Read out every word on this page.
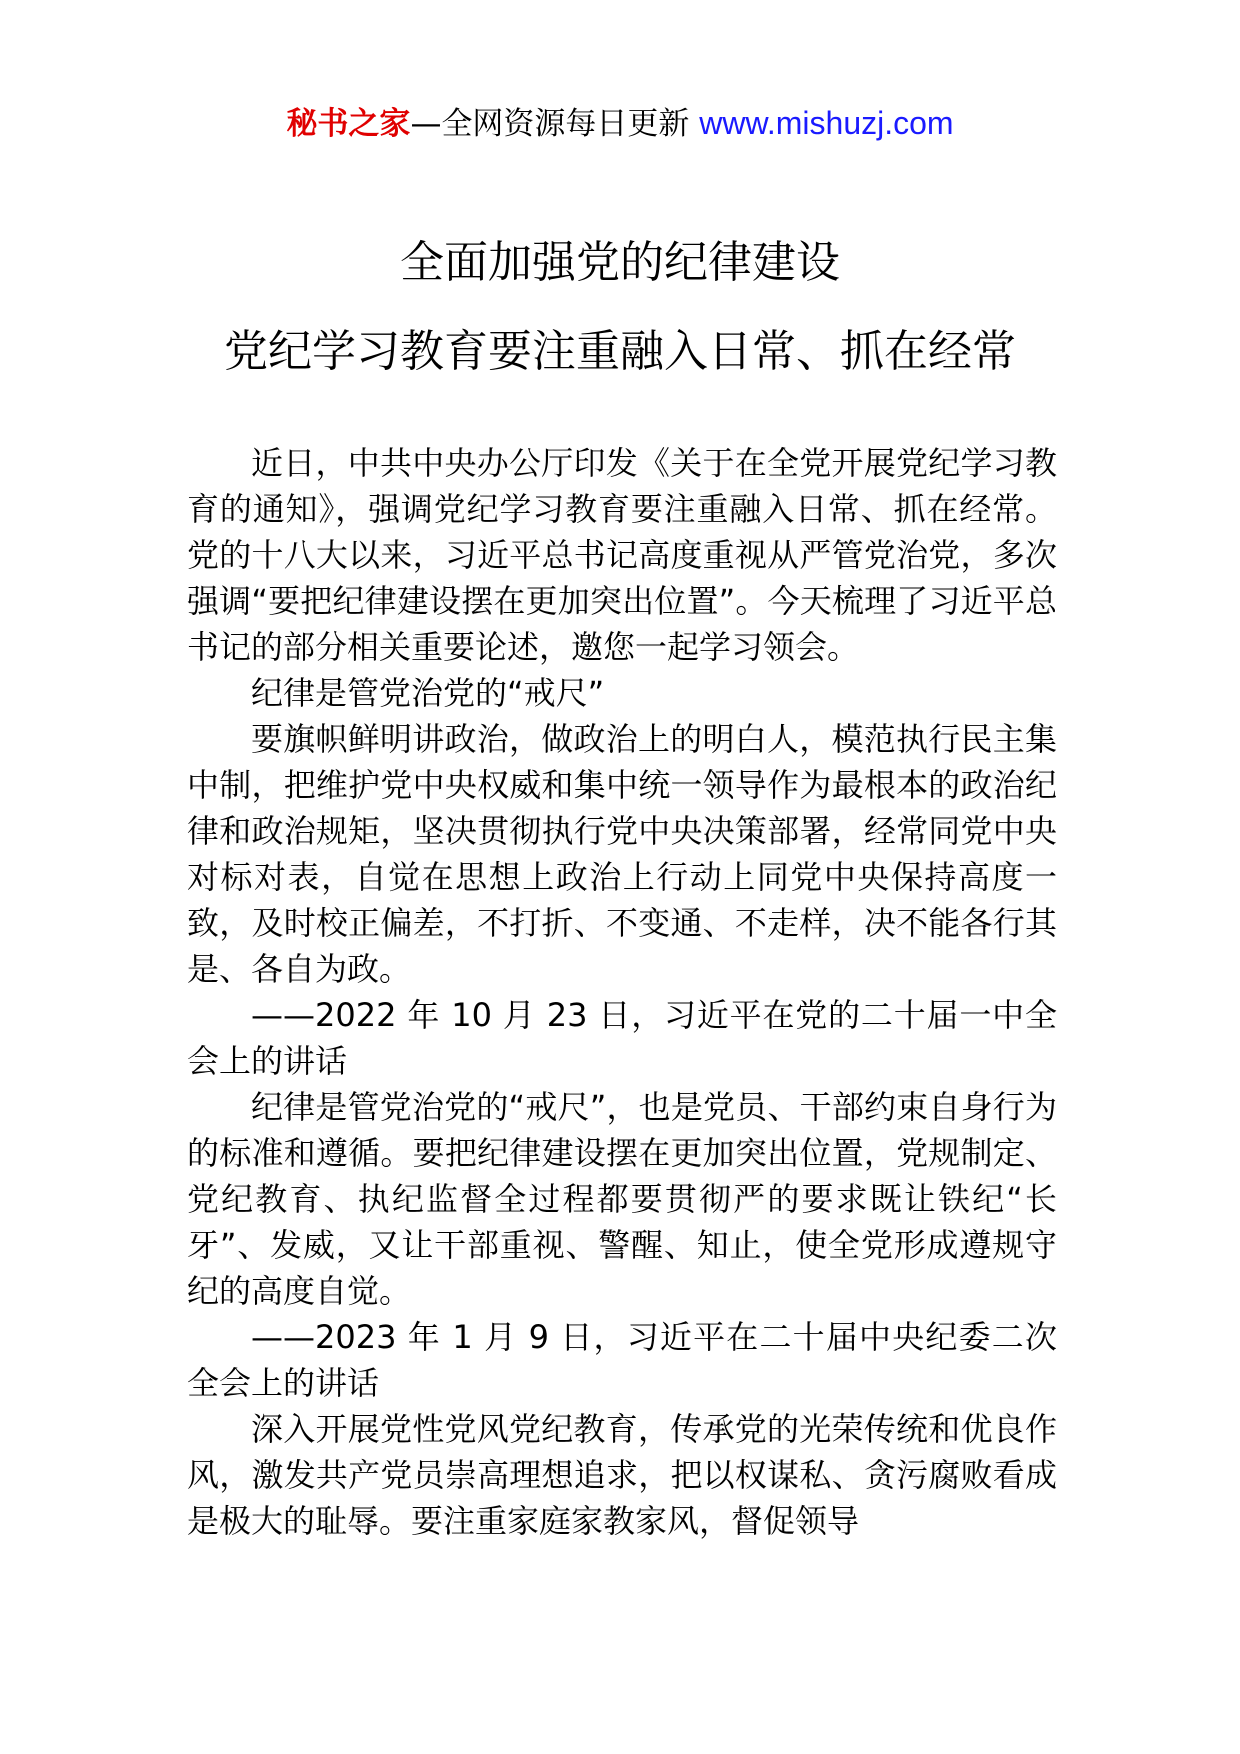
秘书之家—全网资源每日更新 www.mishuzj.com
全面加强党的纪律建设
党纪学习教育要注重融入日常、抓在经常

近日，中共中央办公厅印发《关于在全党开展党纪学习教育的通知》，强调党纪学习教育要注重融入日常、抓在经常。党的十八大以来，习近平总书记高度重视从严管党治党，多次强调“要把纪律建设摆在更加突出位置”。今天梳理了习近平总书记的部分相关重要论述，邀您一起学习领会。

纪律是管党治党的“戒尺”

要旗帜鲜明讲政治，做政治上的明白人，模范执行民主集中制，把维护党中央权威和集中统一领导作为最根本的政治纪律和政治规矩，坚决贯彻执行党中央决策部署，经常同党中央对标对表，自觉在思想上政治上行动上同党中央保持高度一致，及时校正偏差，不打折、不变通、不走样，决不能各行其是、各自为政。

——2022 年 10 月 23 日，习近平在党的二十届一中全会上的讲话

纪律是管党治党的“戒尺”，也是党员、干部约束自身行为的标准和遵循。要把纪律建设摆在更加突出位置，党规制定、党纪教育、执纪监督全过程都要贯彻严的要求既让铁纪“长牙”、发威，又让干部重视、警醒、知止，使全党形成遵规守纪的高度自觉。

——2023 年 1 月 9 日，习近平在二十届中央纪委二次全会上的讲话

深入开展党性党风党纪教育，传承党的光荣传统和优良作风，激发共产党员崇高理想追求，把以权谋私、贪污腐败看成是极大的耻辱。要注重家庭家教家风，督促领导
